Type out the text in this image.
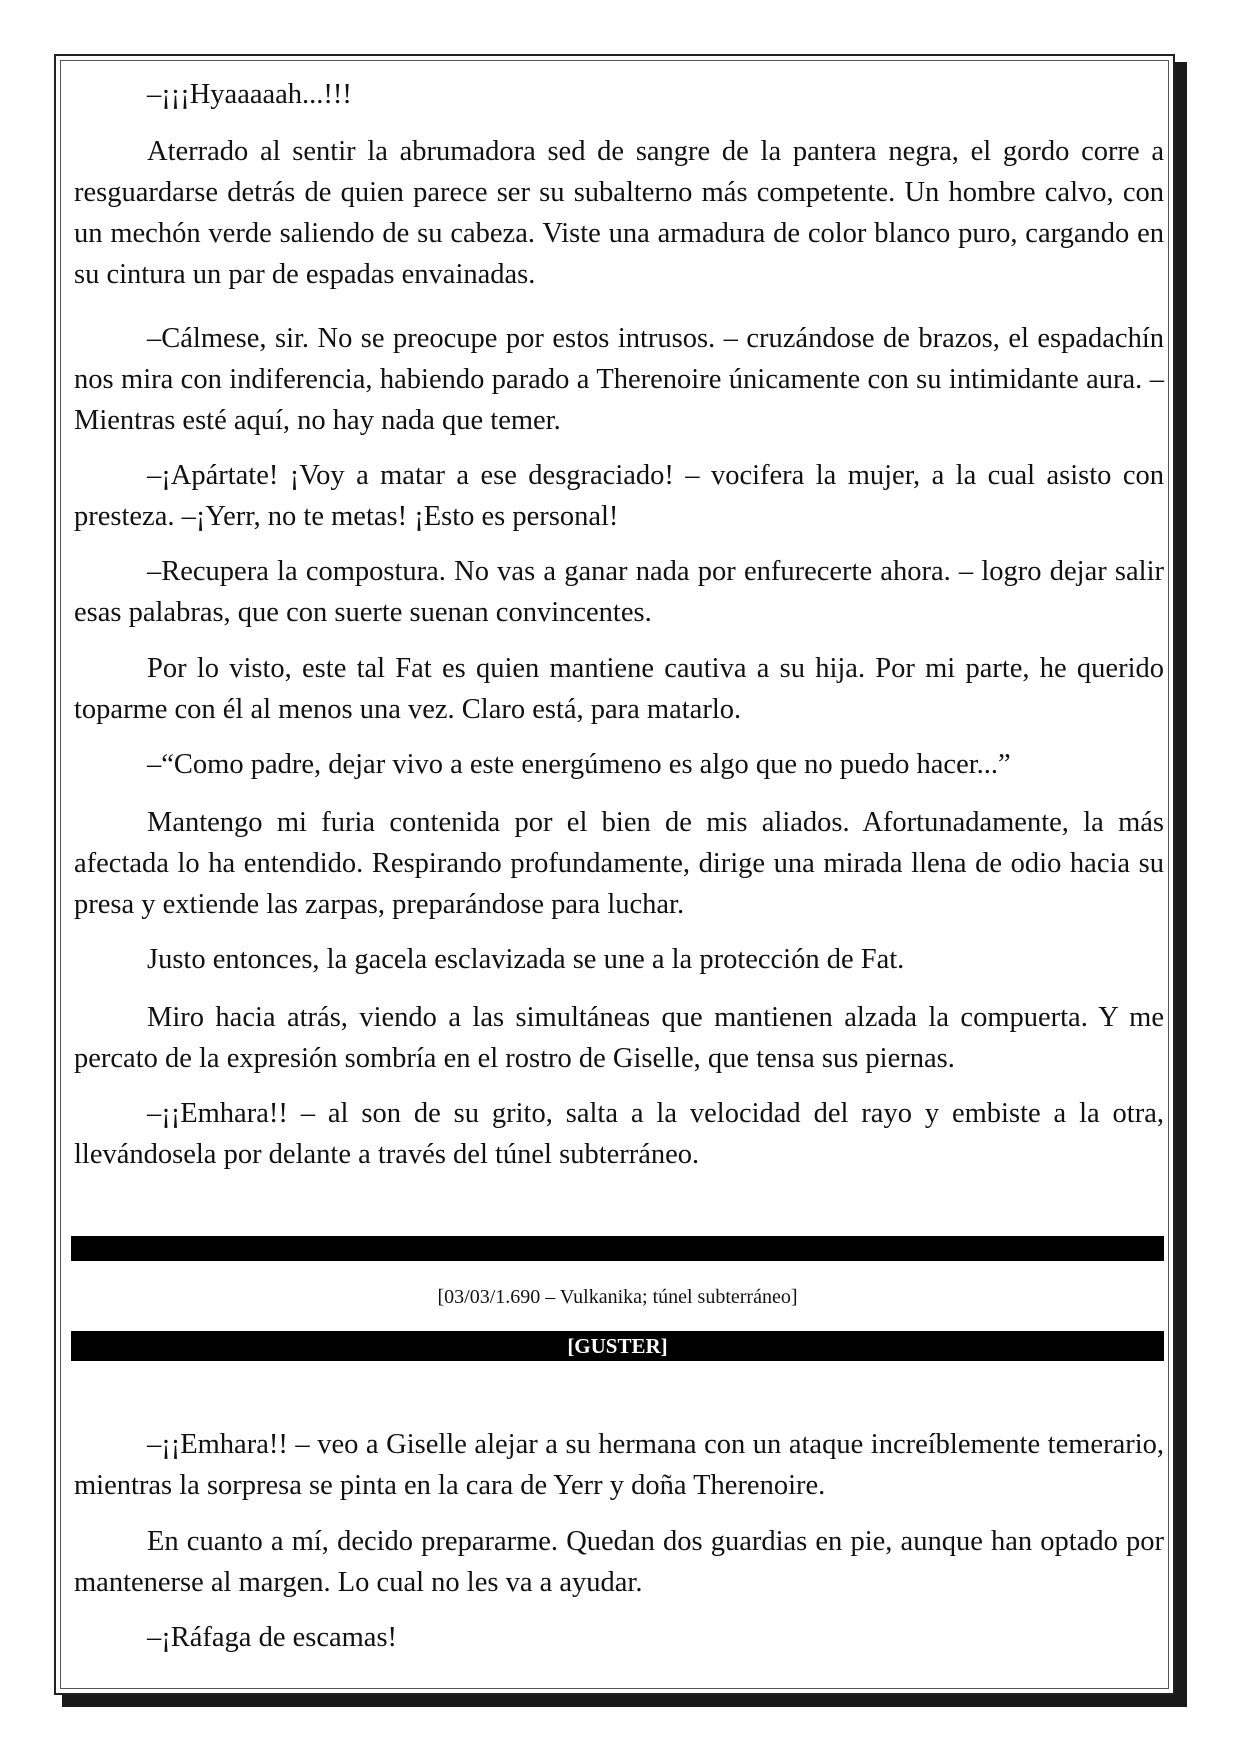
–¡¡¡Hyaaaaah...!!!

Aterrado al sentir la abrumadora sed de sangre de la pantera negra, el gordo corre a resguardarse detrás de quien parece ser su subalterno más competente. Un hombre calvo, con un mechón verde saliendo de su cabeza. Viste una armadura de color blanco puro, cargando en su cintura un par de espadas envainadas.

–Cálmese, sir. No se preocupe por estos intrusos. – cruzándose de brazos, el espadachín nos mira con indiferencia, habiendo parado a Therenoire únicamente con su intimidante aura. –Mientras esté aquí, no hay nada que temer.

–¡Apártate! ¡Voy a matar a ese desgraciado! – vocifera la mujer, a la cual asisto con presteza. –¡Yerr, no te metas! ¡Esto es personal!

–Recupera la compostura. No vas a ganar nada por enfurecerte ahora. – logro dejar salir esas palabras, que con suerte suenan convincentes.

Por lo visto, este tal Fat es quien mantiene cautiva a su hija. Por mi parte, he querido toparme con él al menos una vez. Claro está, para matarlo.

–“Como padre, dejar vivo a este energúmeno es algo que no puedo hacer...”

Mantengo mi furia contenida por el bien de mis aliados. Afortunadamente, la más afectada lo ha entendido. Respirando profundamente, dirige una mirada llena de odio hacia su presa y extiende las zarpas, preparándose para luchar.

Justo entonces, la gacela esclavizada se une a la protección de Fat.

Miro hacia atrás, viendo a las simultáneas que mantienen alzada la compuerta. Y me percato de la expresión sombría en el rostro de Giselle, que tensa sus piernas.

–¡¡Emhara!! – al son de su grito, salta a la velocidad del rayo y embiste a la otra, llevándosela por delante a través del túnel subterráneo.

[03/03/1.690 – Vulkanika; túnel subterráneo]
[GUSTER]

–¡¡Emhara!! – veo a Giselle alejar a su hermana con un ataque increíblemente temerario, mientras la sorpresa se pinta en la cara de Yerr y doña Therenoire.

En cuanto a mí, decido prepararme. Quedan dos guardias en pie, aunque han optado por mantenerse al margen. Lo cual no les va a ayudar.

–¡Ráfaga de escamas!
